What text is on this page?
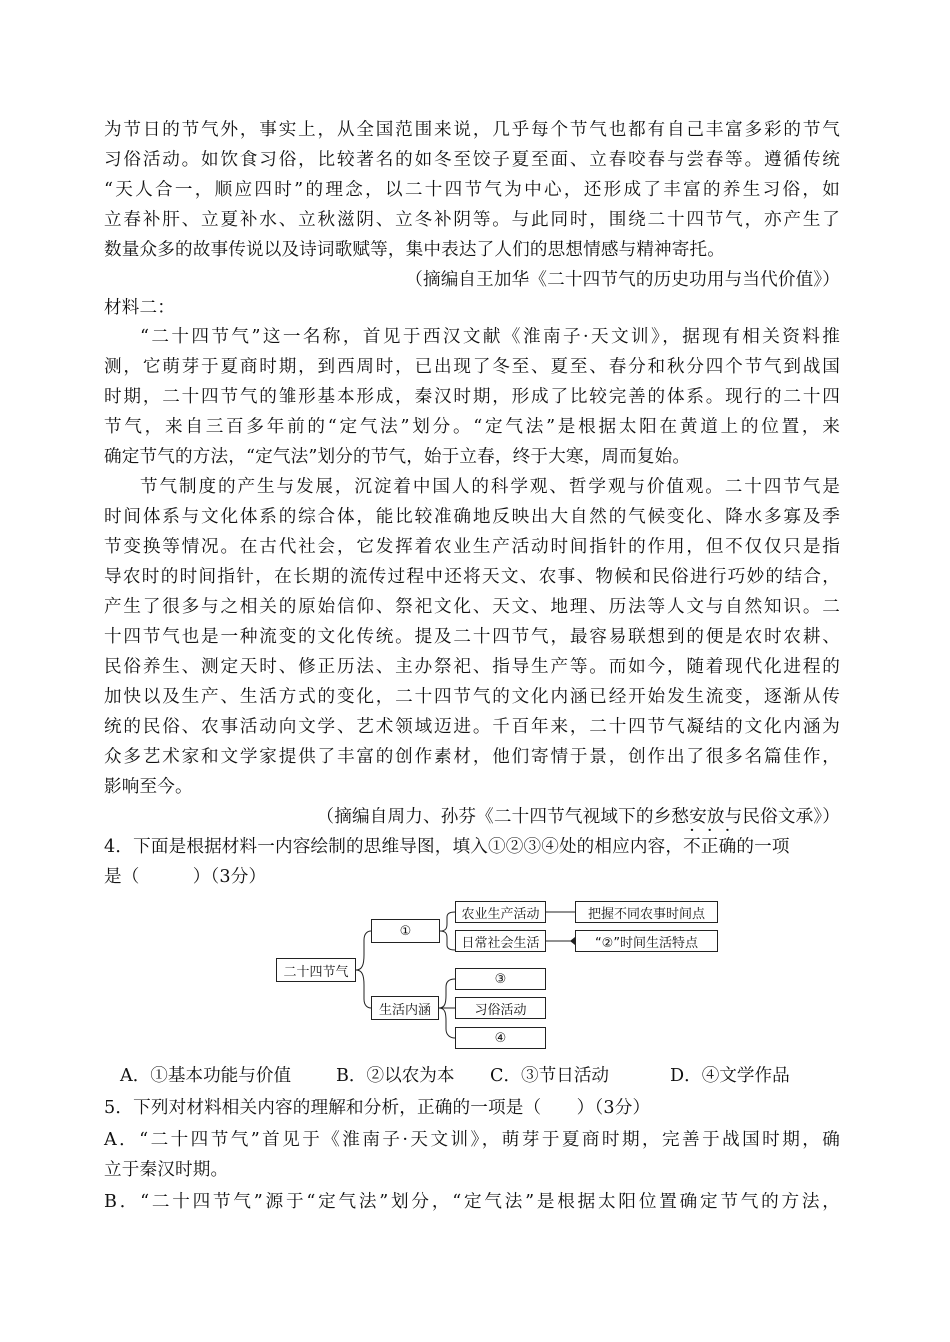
为节日的节气外，事实上，从全国范围来说，几乎每个节气也都有自己丰富多彩的节气
习俗活动。如饮食习俗，比较著名的如冬至饺子夏至面、立春咬春与尝春等。遵循传统
“天人合一，顺应四时”的理念，以二十四节气为中心，还形成了丰富的养生习俗，如
立春补肝、立夏补水、立秋滋阴、立冬补阴等。与此同时，围绕二十四节气，亦产生了
数量众多的故事传说以及诗词歌赋等，集中表达了人们的思想情感与精神寄托。
（摘编自王加华《二十四节气的历史功用与当代价值》）
材料二：
“二十四节气”这一名称，首见于西汉文献《淮南子·天文训》，据现有相关资料推
测，它萌芽于夏商时期，到西周时，已出现了冬至、夏至、春分和秋分四个节气到战国
时期，二十四节气的雏形基本形成，秦汉时期，形成了比较完善的体系。现行的二十四
节气，来自三百多年前的“定气法”划分。“定气法”是根据太阳在黄道上的位置，来
确定节气的方法，“定气法”划分的节气，始于立春，终于大寒，周而复始。
节气制度的产生与发展，沉淀着中国人的科学观、哲学观与价值观。二十四节气是
时间体系与文化体系的综合体，能比较准确地反映出大自然的气候变化、降水多寡及季
节变换等情况。在古代社会，它发挥着农业生产活动时间指针的作用，但不仅仅只是指
导农时的时间指针，在长期的流传过程中还将天文、农事、物候和民俗进行巧妙的结合，
产生了很多与之相关的原始信仰、祭祀文化、天文、地理、历法等人文与自然知识。二
十四节气也是一种流变的文化传统。提及二十四节气，最容易联想到的便是农时农耕、
民俗养生、测定天时、修正历法、主办祭祀、指导生产等。而如今，随着现代化进程的
加快以及生产、生活方式的变化，二十四节气的文化内涵已经开始发生流变，逐渐从传
统的民俗、农事活动向文学、艺术领域迈进。千百年来，二十四节气凝结的文化内涵为
众多艺术家和文学家提供了丰富的创作素材，他们寄情于景，创作出了很多名篇佳作，
影响至今。
（摘编自周力、孙芬《二十四节气视域下的乡愁安放与民俗文承》）
4．下面是根据材料一内容绘制的思维导图，填入①②③④处的相应内容，不正确的一项
是（　　　）（3分）
二十四节气
①
生活内涵
农业生产活动
日常社会生活
把握不同农事时间点
“②”时间生活特点
③
习俗活动
④
A．①基本功能与价值	B．②以农为本 C．③节日活动	D．④文学作品
5．下列对材料相关内容的理解和分析，正确的一项是（　　）（3分）
A．“二十四节气”首见于《淮南子·天文训》，萌芽于夏商时期，完善于战国时期，确
立于秦汉时期。
B．“二十四节气”源于“定气法”划分，“定气法”是根据太阳位置确定节气的方法，
